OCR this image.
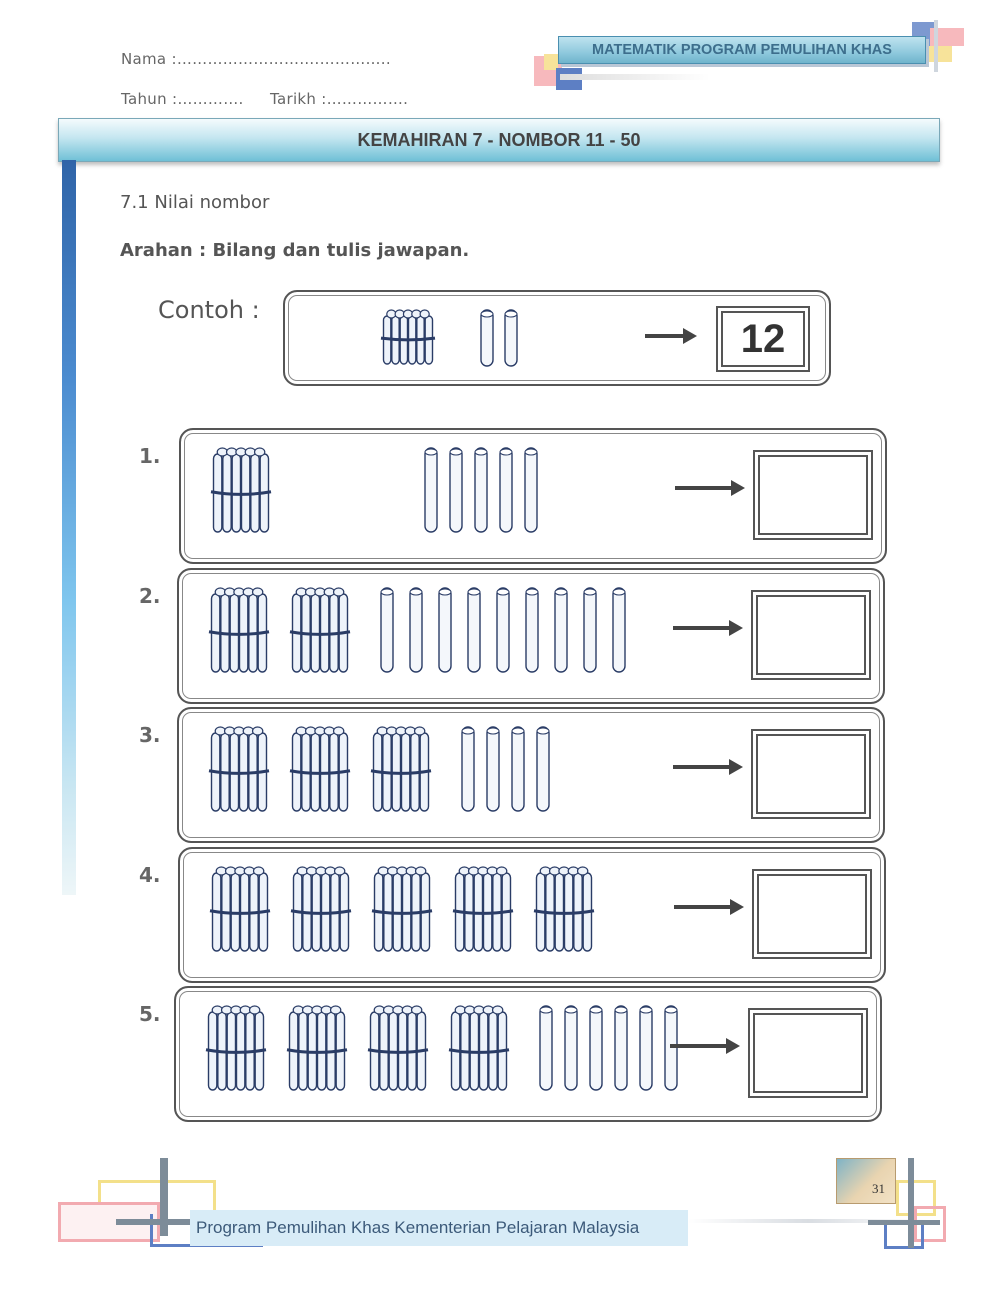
Nama :……………………….…………..
Tahun :…………. Tarikh :…………….
MATEMATIK PROGRAM PEMULIHAN KHAS
KEMAHIRAN 7 - NOMBOR 11 - 50
7.1 Nilai nombor
Arahan : Bilang dan tulis jawapan.
Contoh :
12
1.
2.
3.
4.
5.
Program Pemulihan Khas Kementerian Pelajaran Malaysia
31
